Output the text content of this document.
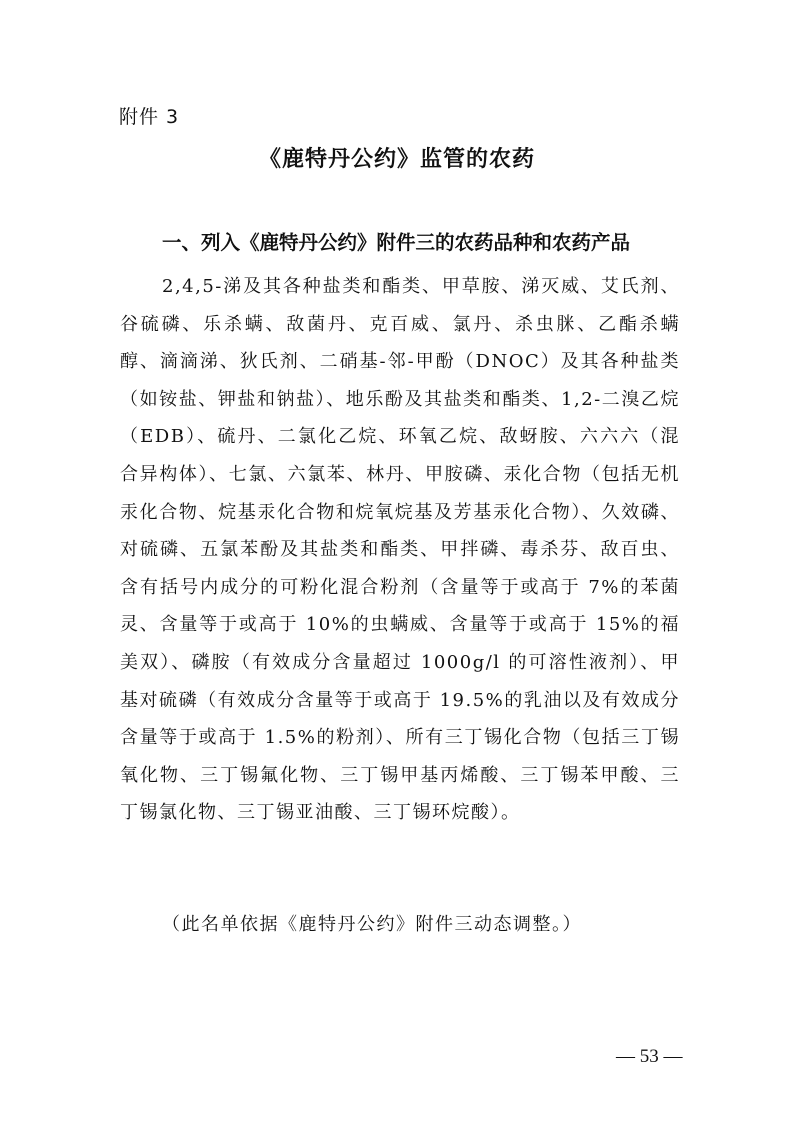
附件 3
《鹿特丹公约》监管的农药
一、列入《鹿特丹公约》附件三的农药品种和农药产品

2,4,5-涕及其各种盐类和酯类、甲草胺、涕灭威、艾氏剂、谷硫磷、乐杀螨、敌菌丹、克百威、氯丹、杀虫脒、乙酯杀螨醇、滴滴涕、狄氏剂、二硝基-邻-甲酚（DNOC）及其各种盐类（如铵盐、钾盐和钠盐）、地乐酚及其盐类和酯类、1,2-二溴乙烷（EDB）、硫丹、二氯化乙烷、环氧乙烷、敌蚜胺、六六六（混合异构体）、七氯、六氯苯、林丹、甲胺磷、汞化合物（包括无机汞化合物、烷基汞化合物和烷氧烷基及芳基汞化合物）、久效磷、对硫磷、五氯苯酚及其盐类和酯类、甲拌磷、毒杀芬、敌百虫、含有括号内成分的可粉化混合粉剂（含量等于或高于 7%的苯菌灵、含量等于或高于 10%的虫螨威、含量等于或高于 15%的福美双）、磷胺（有效成分含量超过 1000g/l 的可溶性液剂）、甲基对硫磷（有效成分含量等于或高于 19.5%的乳油以及有效成分含量等于或高于 1.5%的粉剂）、所有三丁锡化合物（包括三丁锡氧化物、三丁锡氟化物、三丁锡甲基丙烯酸、三丁锡苯甲酸、三丁锡氯化物、三丁锡亚油酸、三丁锡环烷酸）。

（此名单依据《鹿特丹公约》附件三动态调整。）
— 53 —
